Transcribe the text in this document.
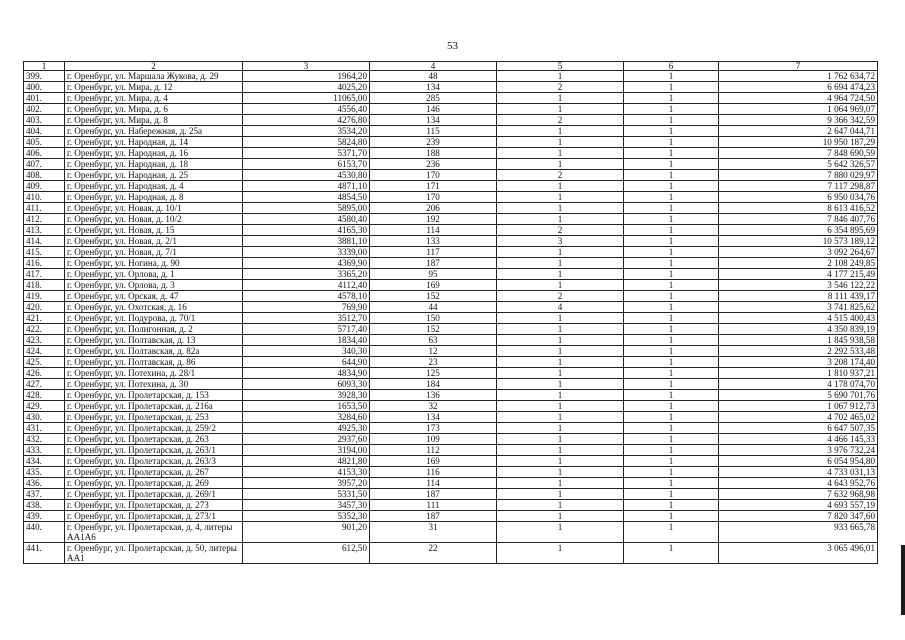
53
1	2	3	4	5	6	7
399.	г. Оренбург, ул. Маршала Жукова, д. 29	1964,20	48	1	1	1 762 634,72
400.	г. Оренбург, ул. Мира, д. 12	4025,20	134	2	1	6 694 474,23
401.	г. Оренбург, ул. Мира, д. 4	11065,00	285	1	1	4 964 724,50
402.	г. Оренбург, ул. Мира, д. 6	4556,40	146	1	1	1 064 969,07
403.	г. Оренбург, ул. Мира, д. 8	4276,80	134	2	1	9 366 342,59
404.	г. Оренбург, ул. Набережная, д. 25а	3534,20	115	1	1	2 647 044,71
405.	г. Оренбург, ул. Народная, д. 14	5824,80	239	1	1	10 950 187,29
406.	г. Оренбург, ул. Народная, д. 16	5371,70	188	1	1	7 848 690,59
407.	г. Оренбург, ул. Народная, д. 18	6153,70	236	1	1	5 642 326,57
408.	г. Оренбург, ул. Народная, д. 25	4530,80	170	2	1	7 880 029,97
409.	г. Оренбург, ул. Народная, д. 4	4871,10	171	1	1	7 117 298,87
410.	г. Оренбург, ул. Народная, д. 8	4854,50	170	1	1	6 950 034,76
411.	г. Оренбург, ул. Новая, д. 10/1	5895,00	206	1	1	8 613 416,52
412.	г. Оренбург, ул. Новая, д. 10/2	4580,40	192	1	1	7 846 407,76
413.	г. Оренбург, ул. Новая, д. 15	4165,30	114	2	1	6 354 895,69
414.	г. Оренбург, ул. Новая, д. 2/1	3881,10	133	3	1	10 573 189,12
415.	г. Оренбург, ул. Новая, д. 7/1	3339,00	117	1	1	3 092 264,67
416.	г. Оренбург, ул. Ногина, д. 90	4369,90	187	1	1	2 108 249,85
417.	г. Оренбург, ул. Орлова, д. 1	3365,20	95	1	1	4 177 215,49
418.	г. Оренбург, ул. Орлова, д. 3	4112,40	169	1	1	3 546 122,22
419.	г. Оренбург, ул. Орская, д. 47	4578,10	152	2	1	8 111 439,17
420.	г. Оренбург, ул. Охотская, д. 16	769,90	44	4	1	3 741 825,62
421.	г. Оренбург, ул. Подурова, д. 70/1	3512,70	150	1	1	4 515 400,43
422.	г. Оренбург, ул. Полигонная, д. 2	5717,40	152	1	1	4 350 839,19
423.	г. Оренбург, ул. Полтавская, д. 13	1834,40	63	1	1	1 845 938,58
424.	г. Оренбург, ул. Полтавская, д. 82а	340,30	12	1	1	2 292 533,48
425.	г. Оренбург, ул. Полтавская, д. 86	644,90	23	1	1	3 208 174,40
426.	г. Оренбург, ул. Потехина, д. 28/1	4834,90	125	1	1	1 810 937,21
427.	г. Оренбург, ул. Потехина, д. 30	6093,30	184	1	1	4 178 074,70
428.	г. Оренбург, ул. Пролетарская, д. 153	3928,30	136	1	1	5 690 701,76
429.	г. Оренбург, ул. Пролетарская, д. 216а	1653,50	32	1	1	1 067 912,73
430.	г. Оренбург, ул. Пролетарская, д. 253	3284,60	134	1	1	4 702 465,02
431.	г. Оренбург, ул. Пролетарская, д. 259/2	4925,30	173	1	1	6 647 507,35
432.	г. Оренбург, ул. Пролетарская, д. 263	2937,60	109	1	1	4 466 145,33
433.	г. Оренбург, ул. Пролетарская, д. 263/1	3194,00	112	1	1	3 976 732,24
434.	г. Оренбург, ул. Пролетарская, д. 263/3	4821,80	169	1	1	6 054 954,80
435.	г. Оренбург, ул. Пролетарская, д. 267	4153,30	116	1	1	4 733 031,13
436.	г. Оренбург, ул. Пролетарская, д. 269	3957,20	114	1	1	4 643 952,76
437.	г. Оренбург, ул. Пролетарская, д. 269/1	5331,50	187	1	1	7 632 968,98
438.	г. Оренбург, ул. Пролетарская, д. 273	3457,30	111	1	1	4 693 557,19
439.	г. Оренбург, ул. Пролетарская, д. 273/1	5352,30	187	1	1	7 820 347,60
440.	г. Оренбург, ул. Пролетарская, д. 4, литеры АА1А6	901,20	31	1	1	933 665,78
441.	г. Оренбург, ул. Пролетарская, д. 50, литеры АА1	612,50	22	1	1	3 065 496,01
